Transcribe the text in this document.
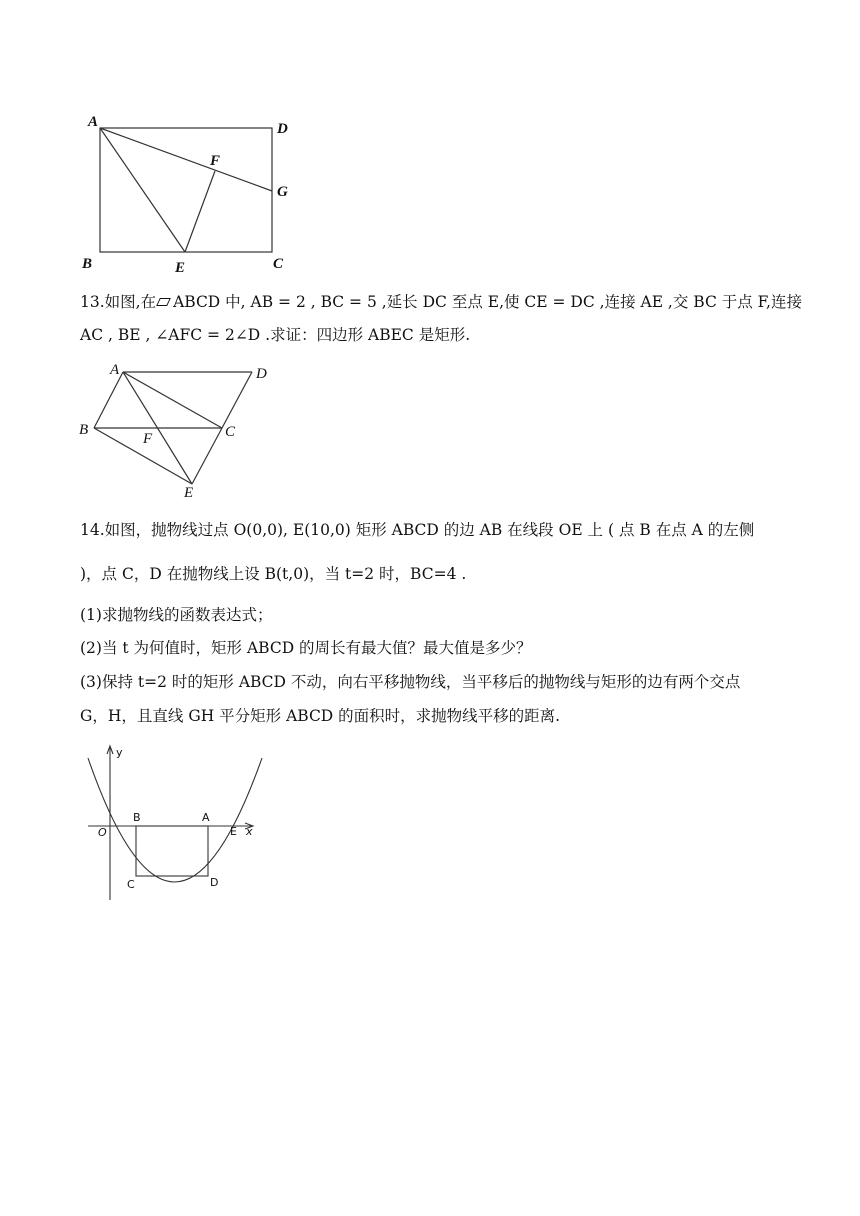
A	D
F
G
B	E	C
13.如图,在 ABCD 中, AB = 2 , BC = 5 ,延长 DC 至点 E,使 CE = DC ,连接 AE ,交 BC 于点 F,连接
AC , BE , ∠AFC = 2∠D .求证：四边形 ABEC 是矩形.
A	D
B
F	C
E
14.如图，抛物线过点 O(0,0), E(10,0) 矩形 ABCD 的边 AB 在线段 OE 上 ( 点 B 在点 A 的左侧
)，点 C，D 在抛物线上设 B(t,0)，当 t=2 时，BC=4 .
(1)求抛物线的函数表达式；
(2)当 t 为何值时，矩形 ABCD 的周长有最大值？最大值是多少？
(3)保持 t=2 时的矩形 ABCD 不动，向右平移抛物线，当平移后的抛物线与矩形的边有两个交点
G，H，且直线 GH 平分矩形 ABCD 的面积时，求抛物线平移的距离.
y
O
B	A
E x
C	D
